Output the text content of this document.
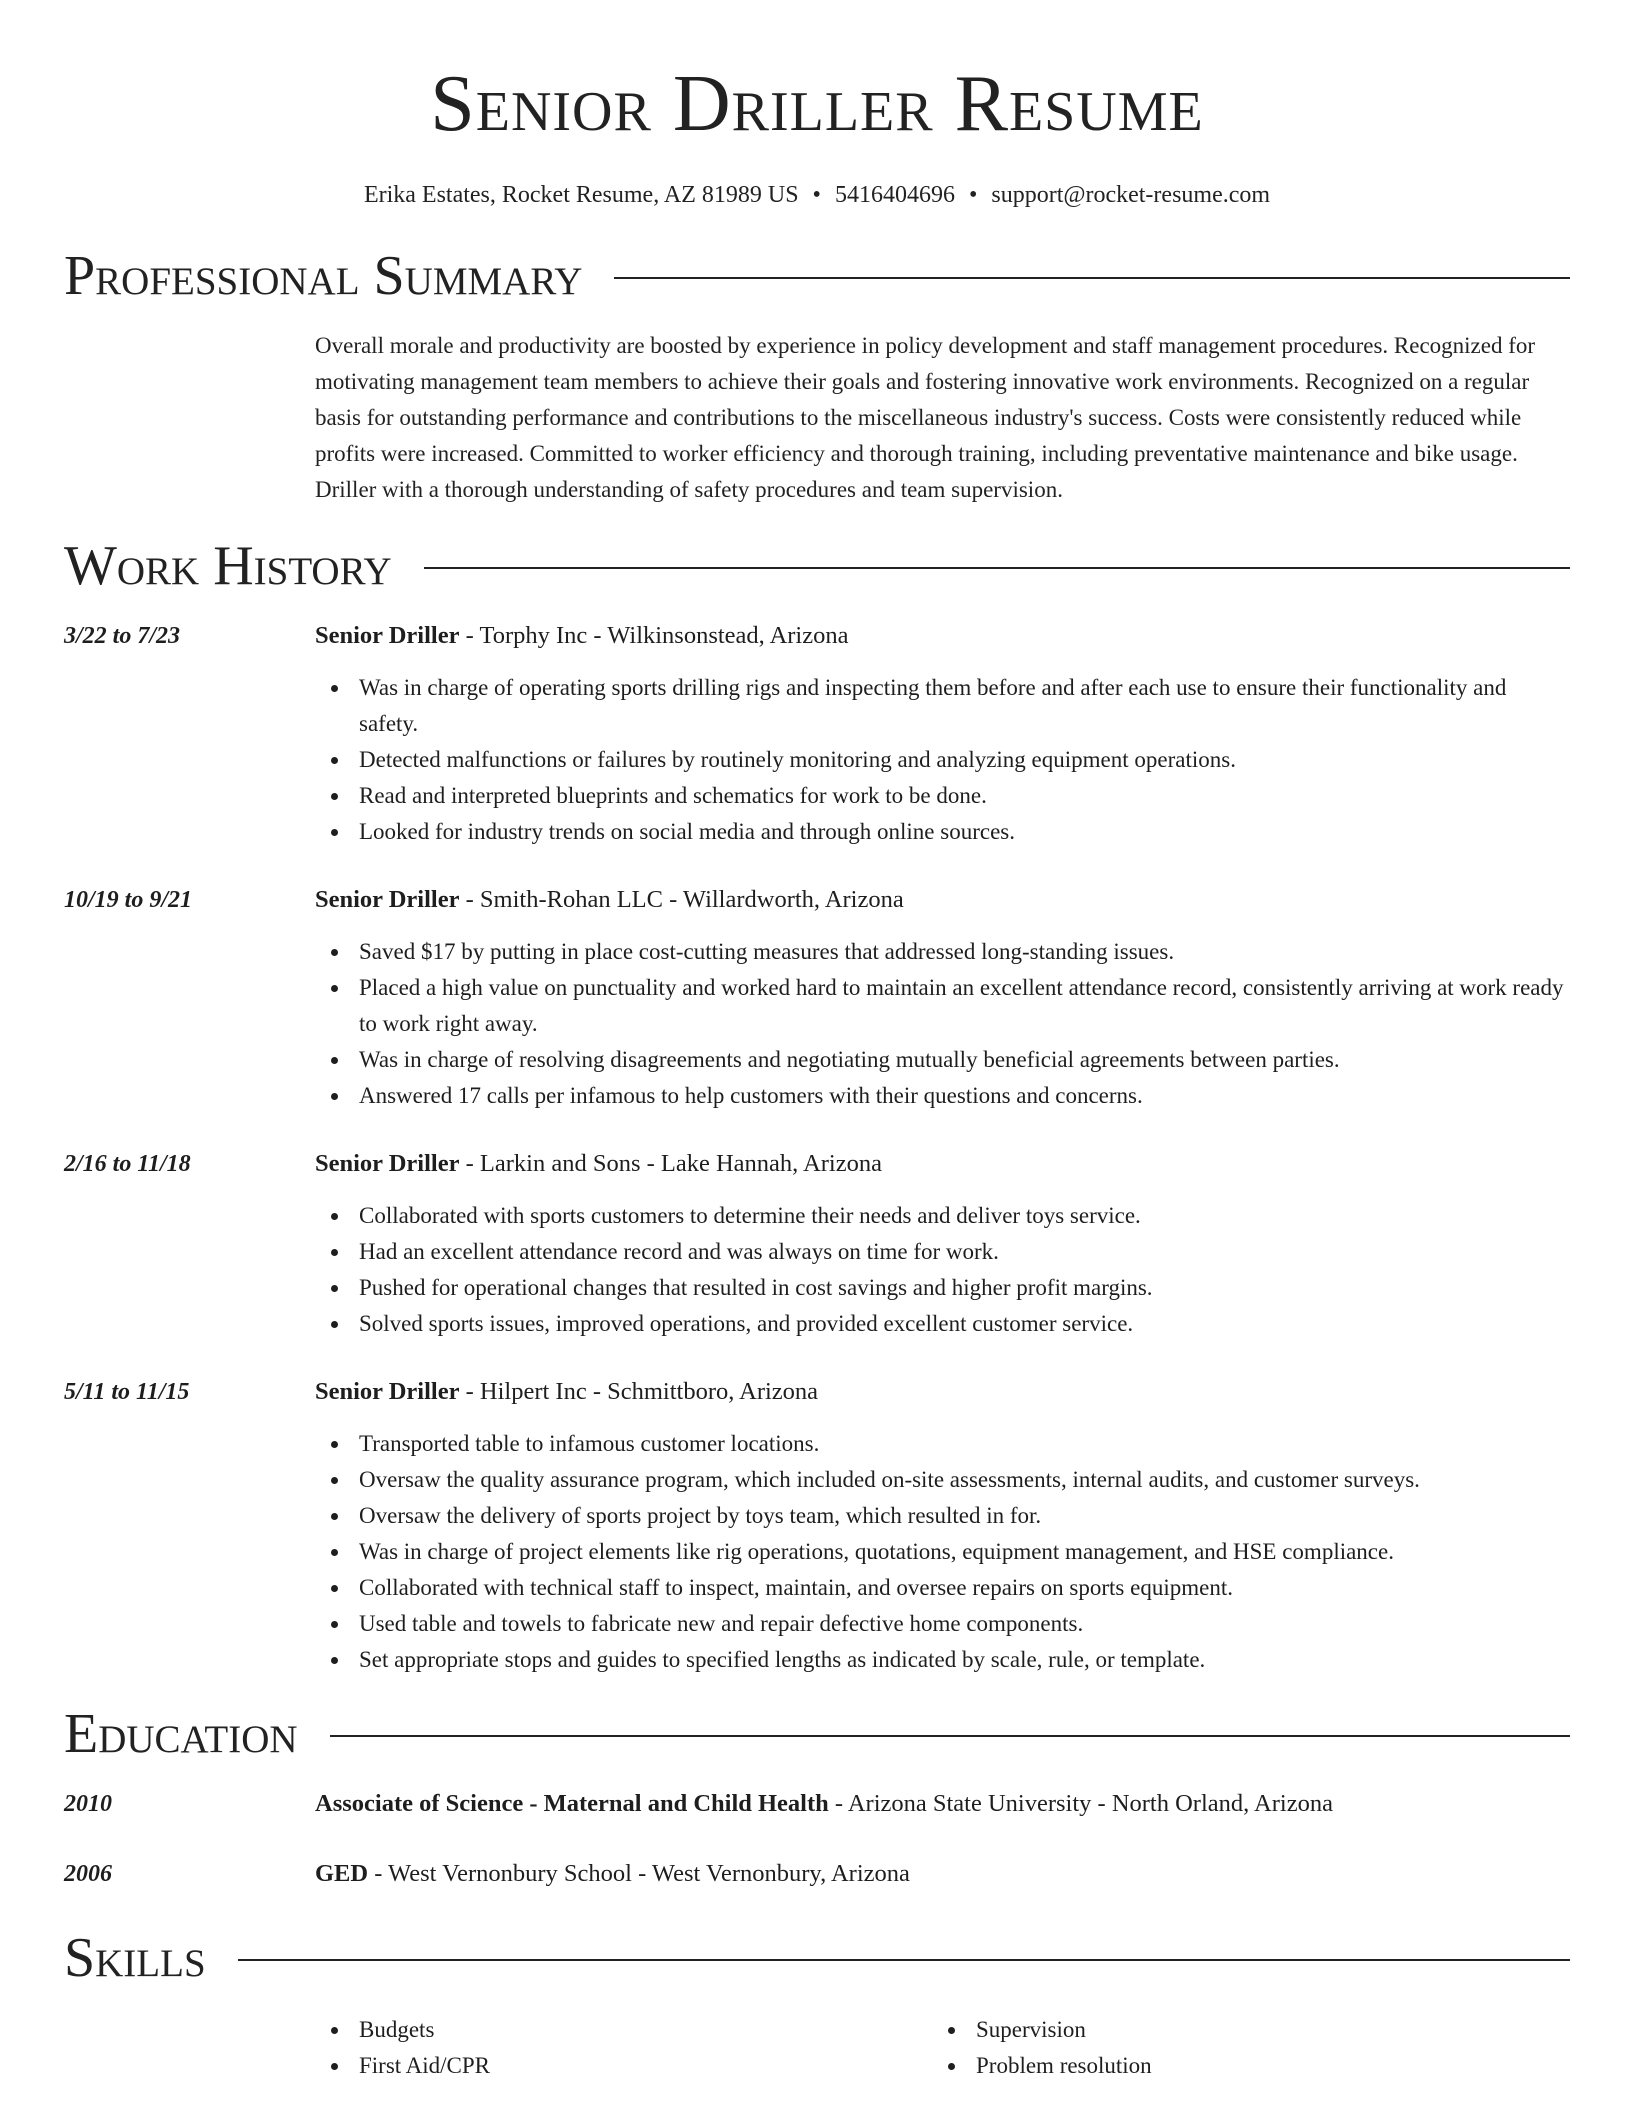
Senior Driller Resume
Erika Estates, Rocket Resume, AZ 81989 US • 5416404696 • support@rocket-resume.com
Professional Summary

Overall morale and productivity are boosted by experience in policy development and staff management procedures. Recognized for motivating management team members to achieve their goals and fostering innovative work environments. Recognized on a regular basis for outstanding performance and contributions to the miscellaneous industry's success. Costs were consistently reduced while profits were increased. Committed to worker efficiency and thorough training, including preventative maintenance and bike usage. Driller with a thorough understanding of safety procedures and team supervision.

Work History
3/22 to 7/23	Senior Driller - Torphy Inc - Wilkinsonstead, Arizona
Was in charge of operating sports drilling rigs and inspecting them before and after each use to ensure their functionality and safety.
Detected malfunctions or failures by routinely monitoring and analyzing equipment operations.
Read and interpreted blueprints and schematics for work to be done.
Looked for industry trends on social media and through online sources.
10/19 to 9/21	Senior Driller - Smith-Rohan LLC - Willardworth, Arizona
Saved $17 by putting in place cost-cutting measures that addressed long-standing issues.
Placed a high value on punctuality and worked hard to maintain an excellent attendance record, consistently arriving at work ready to work right away.
Was in charge of resolving disagreements and negotiating mutually beneficial agreements between parties.
Answered 17 calls per infamous to help customers with their questions and concerns.
2/16 to 11/18	Senior Driller - Larkin and Sons - Lake Hannah, Arizona
Collaborated with sports customers to determine their needs and deliver toys service.
Had an excellent attendance record and was always on time for work.
Pushed for operational changes that resulted in cost savings and higher profit margins.
Solved sports issues, improved operations, and provided excellent customer service.
5/11 to 11/15	Senior Driller - Hilpert Inc - Schmittboro, Arizona
Transported table to infamous customer locations.
Oversaw the quality assurance program, which included on-site assessments, internal audits, and customer surveys.
Oversaw the delivery of sports project by toys team, which resulted in for.
Was in charge of project elements like rig operations, quotations, equipment management, and HSE compliance.
Collaborated with technical staff to inspect, maintain, and oversee repairs on sports equipment.
Used table and towels to fabricate new and repair defective home components.
Set appropriate stops and guides to specified lengths as indicated by scale, rule, or template.
Education
2010	Associate of Science - Maternal and Child Health - Arizona State University - North Orland, Arizona
2006	GED - West Vernonbury School - West Vernonbury, Arizona
Skills
Budgets
First Aid/CPR
Supervision
Problem resolution
